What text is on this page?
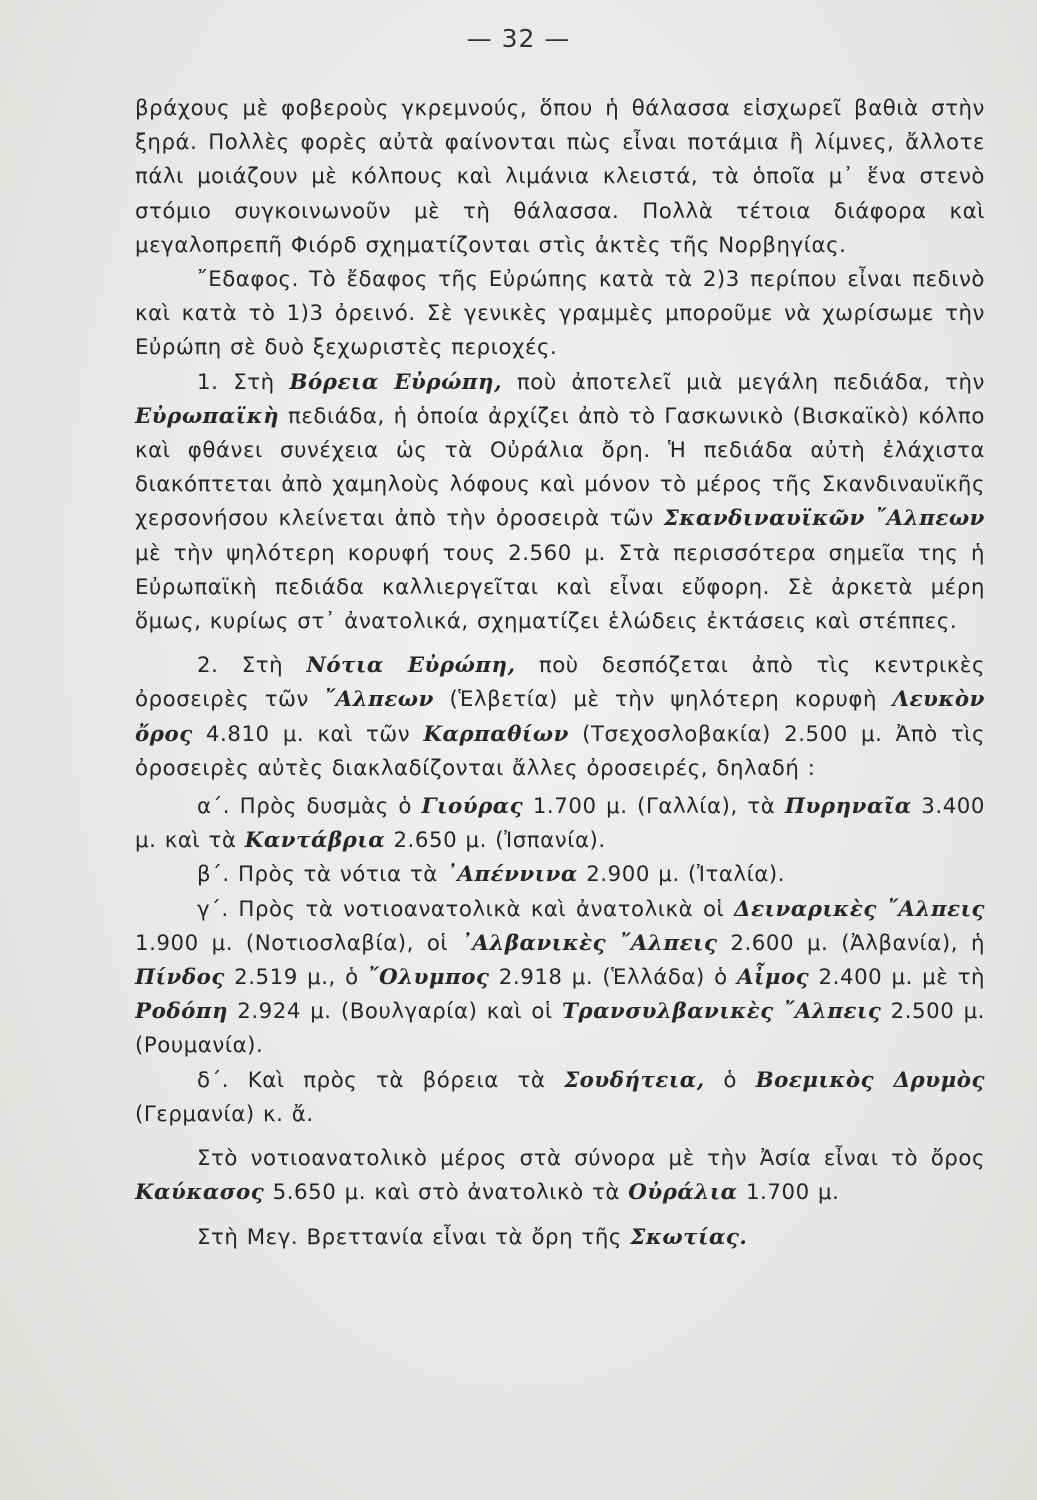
— 32 —

βράχους μὲ φοβεροὺς γκρεμνούς, ὅπου ἡ θάλασσα εἰσχωρεῖ βαθιὰ στὴν ξηρά. Πολλὲς φορὲς αὐτὰ φαίνονται πὼς εἶναι ποτάμια ἢ λίμνες, ἄλλοτε πάλι μοιάζουν μὲ κόλπους καὶ λιμάνια κλειστά, τὰ ὁποῖα μ᾿ ἕνα στενὸ στόμιο συγκοινωνοῦν μὲ τὴ θάλασσα. Πολλὰ τέτοια διάφορα καὶ μεγαλοπρεπῆ Φιόρδ σχηματίζονται στὶς ἀκτὲς τῆς Νορβηγίας.

῎Εδαφος. Τὸ ἔδαφος τῆς Εὐρώπης κατὰ τὰ 2)3 περίπου εἶναι πεδινὸ καὶ κατὰ τὸ 1)3 ὀρεινό. Σὲ γενικὲς γραμμὲς μποροῦμε νὰ χωρίσωμε τὴν Εὐρώπη σὲ δυὸ ξεχωριστὲς περιοχές.

1. Στὴ Βόρεια Εὐρώπη, ποὺ ἀποτελεῖ μιὰ μεγάλη πεδιάδα, τὴν Εὐρωπαϊκὴ πεδιάδα, ἡ ὁποία ἀρχίζει ἀπὸ τὸ Γασκωνικὸ (Βισκαϊκὸ) κόλπο καὶ φθάνει συνέχεια ὡς τὰ Οὐράλια ὄρη. Ἡ πεδιάδα αὐτὴ ἐλάχιστα διακόπτεται ἀπὸ χαμηλοὺς λόφους καὶ μόνον τὸ μέρος τῆς Σκανδιναυϊκῆς χερσονήσου κλείνεται ἀπὸ τὴν ὀροσειρὰ τῶν Σκανδιναυϊκῶν ῎Αλπεων μὲ τὴν ψηλότερη κορυφή τους 2.560 μ. Στὰ περισσότερα σημεῖα της ἡ Εὐρωπαϊκὴ πεδιάδα καλλιεργεῖται καὶ εἶναι εὔφορη. Σὲ ἀρκετὰ μέρη ὅμως, κυρίως στ᾿ ἀνατολικά, σχηματίζει ἑλώδεις ἐκτάσεις καὶ στέππες.

2. Στὴ Νότια Εὐρώπη, ποὺ δεσπόζεται ἀπὸ τὶς κεντρικὲς ὀροσειρὲς τῶν ῎Αλπεων (Ἑλβετία) μὲ τὴν ψηλότερη κορυφὴ Λευκὸν ὄρος 4.810 μ. καὶ τῶν Καρπαθίων (Τσεχοσλοβακία) 2.500 μ. Ἀπὸ τὶς ὀροσειρὲς αὐτὲς διακλαδίζονται ἄλλες ὀροσειρές, δηλαδή :

α΄. Πρὸς δυσμὰς ὁ Γιούρας 1.700 μ. (Γαλλία), τὰ Πυρηναῖα 3.400 μ. καὶ τὰ Καντάβρια 2.650 μ. (Ἰσπανία).

β΄. Πρὸς τὰ νότια τὰ ᾿Απέννινα 2.900 μ. (Ἰταλία).

γ΄. Πρὸς τὰ νοτιοανατολικὰ καὶ ἀνατολικὰ οἱ Δειναρικὲς ῎Αλπεις 1.900 μ. (Νοτιοσλαβία), οἱ ᾿Αλβανικὲς ῎Αλπεις 2.600 μ. (Ἀλβανία), ἡ Πίνδος 2.519 μ., ὁ ῎Ολυμπος 2.918 μ. (Ἑλλάδα) ὁ Αἶμος 2.400 μ. μὲ τὴ Ροδόπη 2.924 μ. (Βουλγαρία) καὶ οἱ Τρανσυλβανικὲς ῎Αλπεις 2.500 μ. (Ρουμανία).

δ΄. Καὶ πρὸς τὰ βόρεια τὰ Σουδήτεια, ὁ Βοεμικὸς Δρυμὸς (Γερμανία) κ. ἄ.

Στὸ νοτιοανατολικὸ μέρος στὰ σύνορα μὲ τὴν Ἀσία εἶναι τὸ ὄρος Καύκασος 5.650 μ. καὶ στὸ ἀνατολικὸ τὰ Οὐράλια 1.700 μ.

Στὴ Μεγ. Βρεττανία εἶναι τὰ ὄρη τῆς Σκωτίας.
